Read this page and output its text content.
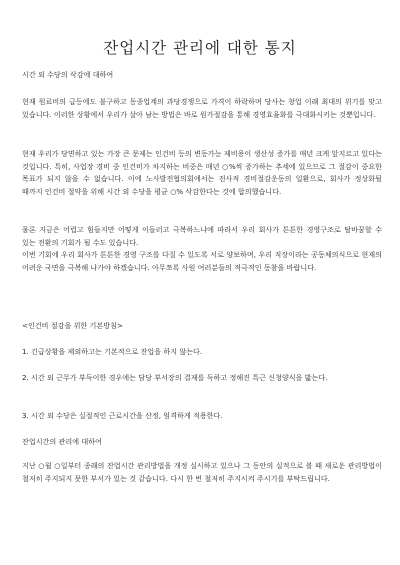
잔업시간 관리에 대한 통지

시간 외 수당의 삭감에 대하여

현재 원료비의 급등에도 불구하고 동종업계의 과당경쟁으로 가격이 하락하며 당사는 창업 이래 최대의 위기를 맞고 있습니다. 이러한 상황에서 우리가 살아 남는 방법은 바로 원가절감을 통해 경영효율화를 극대화시키는 것뿐입니다.

현재 우리가 당면하고 있는 가장 큰 문제는 인건비 등의 변동가능 제비용이 생산성 증가를 매년 크게 앞지르고 있다는 것입니다. 특히, 사업장 경비 중 인건비가 차지하는 비중은 매년 ○%씩 증가하는 추세에 있으므로 그 절감이 중요한 목표가 되지 않을 수 없습니다. 이에 노사발전협의회에서는 전사적 경비절감운동의 일환으로, 회사가 정상화될 때까지 인건비 절약을 위해 시간 외 수당을 평균 ○% 삭감한다는 것에 합의했습니다.

물론 지금은 어렵고 힘들지만 어떻게 이들러고 극복하느냐에 따라서 우리 회사가 튼튼한 경영구조로 탈바꿈할 수 있는 전환의 기회가 될 수도 있습니다.
이번 기회에 우리 회사가 튼튼한 경영 구조를 다질 수 있도록 서로 양보하며, 우리 직장이라는 공동체의식으로 현재의 어려운 국면을 극복해 나가야 하겠습니다. 아무쪼록 사원 여러분들의 적극적인 동참을 바랍니다.

<인건비 절감을 위한 기본방침>

1. 긴급상황을 제외하고는 기본적으로 잔업을 하지 않는다.

2. 시간 외 근무가 부득이한 경우에는 담당 부서장의 결재를 득하고 정해진 특근 신청양식을 밟는다.

3. 시간 외 수당은 실절적인 근로시간을 산정, 엄격하게 적용한다.

잔업시간의 관리에 대하여

지난 ○월 ○일부터 종래의 잔업시간 관리방법을 개정 실시하고 있으나 그 동안의 실적으로 볼 때 새로운 관리방법이 철저히 주지되지 못한 부서가 있는 것 같습니다. 다시 한 번 철저히 주지시켜 주시기를 부탁드립니다.
